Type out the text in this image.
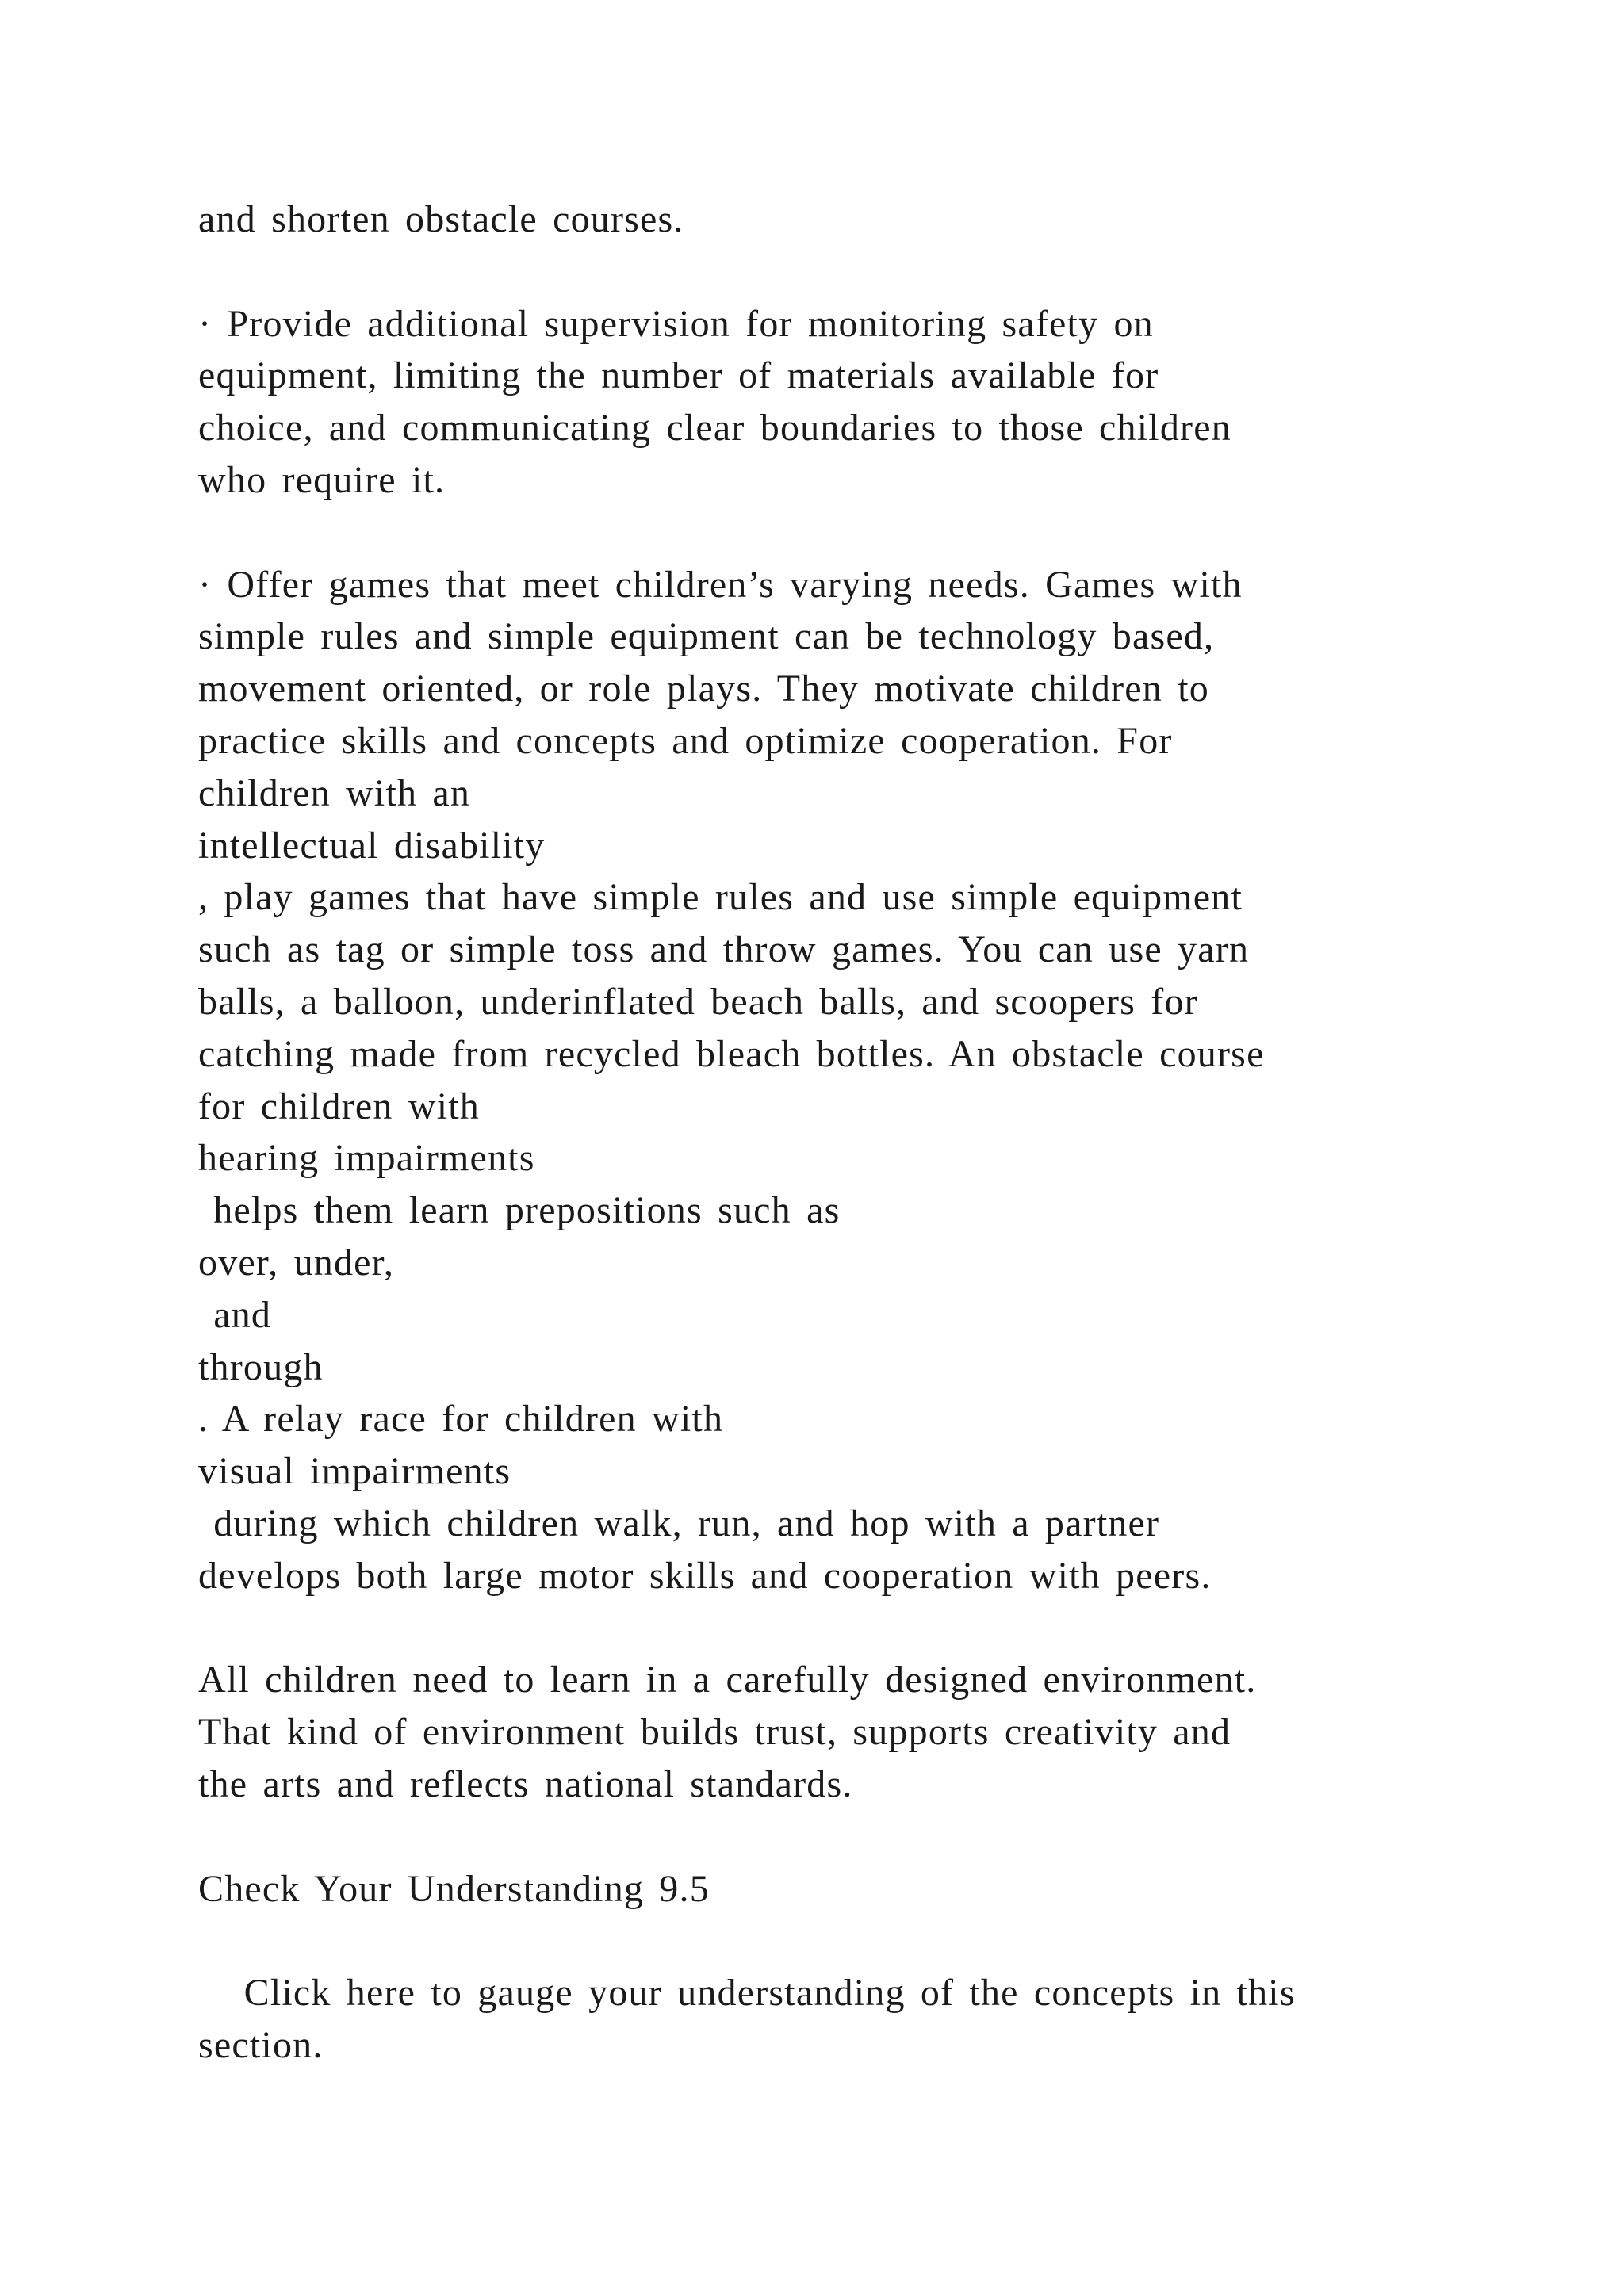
and shorten obstacle courses.
· Provide additional supervision for monitoring safety on
equipment, limiting the number of materials available for
choice, and communicating clear boundaries to those children
who require it.
· Offer games that meet children’s varying needs. Games with
simple rules and simple equipment can be technology based,
movement oriented, or role plays. They motivate children to
practice skills and concepts and optimize cooperation. For
children with an
intellectual disability
, play games that have simple rules and use simple equipment
such as tag or simple toss and throw games. You can use yarn
balls, a balloon, underinflated beach balls, and scoopers for
catching made from recycled bleach bottles. An obstacle course
for children with
hearing impairments
helps them learn prepositions such as
over, under,
and
through
. A relay race for children with
visual impairments
during which children walk, run, and hop with a partner
develops both large motor skills and cooperation with peers.
All children need to learn in a carefully designed environment.
That kind of environment builds trust, supports creativity and
the arts and reflects national standards.
Check Your Understanding 9.5
Click here to gauge your understanding of the concepts in this
section.
